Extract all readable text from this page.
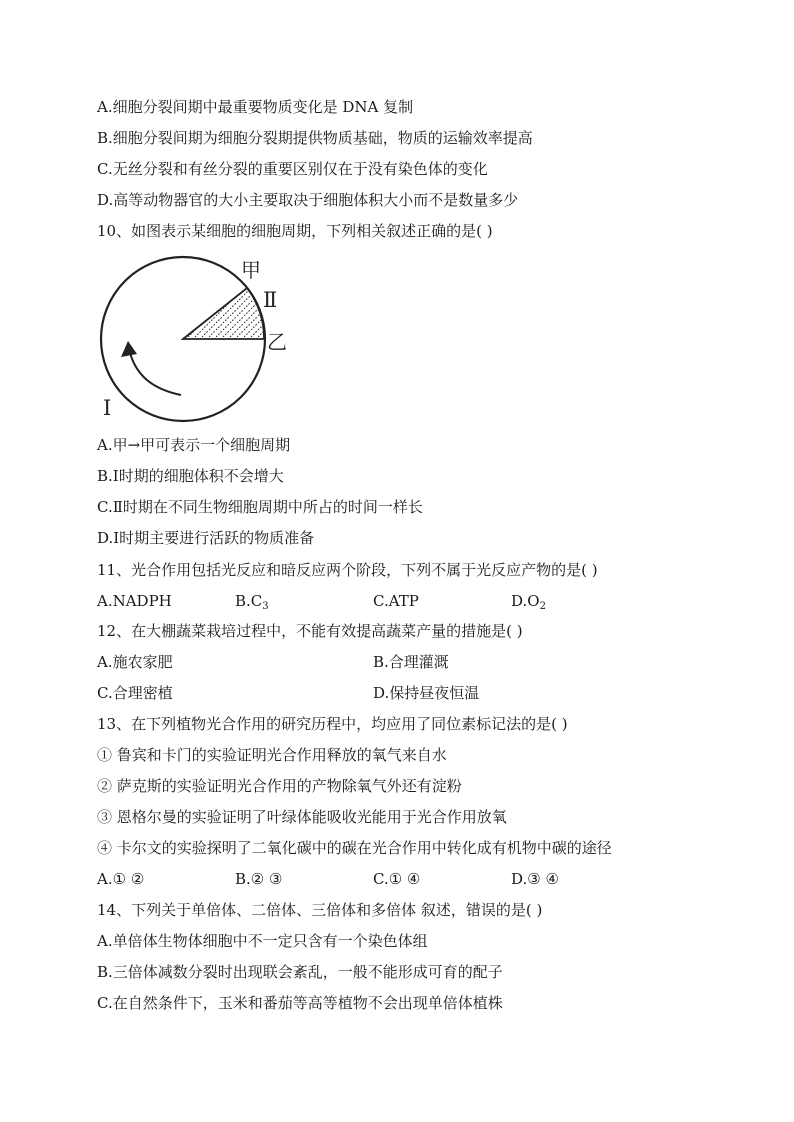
A.细胞分裂间期中最重要物质变化是 DNA 复制
B.细胞分裂间期为细胞分裂期提供物质基础，物质的运输效率提高
C.无丝分裂和有丝分裂的重要区别仅在于没有染色体的变化
D.高等动物器官的大小主要取决于细胞体积大小而不是数量多少
10、如图表示某细胞的细胞周期，下列相关叙述正确的是( )
甲
Ⅱ
乙
Ⅰ
A.甲→甲可表示一个细胞周期
B.Ⅰ时期的细胞体积不会增大
C.Ⅱ时期在不同生物细胞周期中所占的时间一样长
D.Ⅰ时期主要进行活跃的物质准备
11、光合作用包括光反应和暗反应两个阶段，下列不属于光反应产物的是( )
A.NADPH	$B.C_3$	C.ATP	$D.O_2$
12、在大棚蔬菜栽培过程中，不能有效提高蔬菜产量的措施是( )
A.施农家肥	B.合理灌溉
C.合理密植	D.保持昼夜恒温
13、在下列植物光合作用的研究历程中，均应用了同位素标记法的是( )
① 鲁宾和卡门的实验证明光合作用释放的氧气来自水
② 萨克斯的实验证明光合作用的产物除氧气外还有淀粉
③ 恩格尔曼的实验证明了叶绿体能吸收光能用于光合作用放氧
④ 卡尔文的实验探明了二氧化碳中的碳在光合作用中转化成有机物中碳的途径
A.① ②	B.② ③	C.① ④	D.③ ④
14、下列关于单倍体、二倍体、三倍体和多倍体 叙述，错误的是( )
A.单倍体生物体细胞中不一定只含有一个染色体组
B.三倍体减数分裂时出现联会紊乱，一般不能形成可育的配子
C.在自然条件下，玉米和番茄等高等植物不会出现单倍体植株
